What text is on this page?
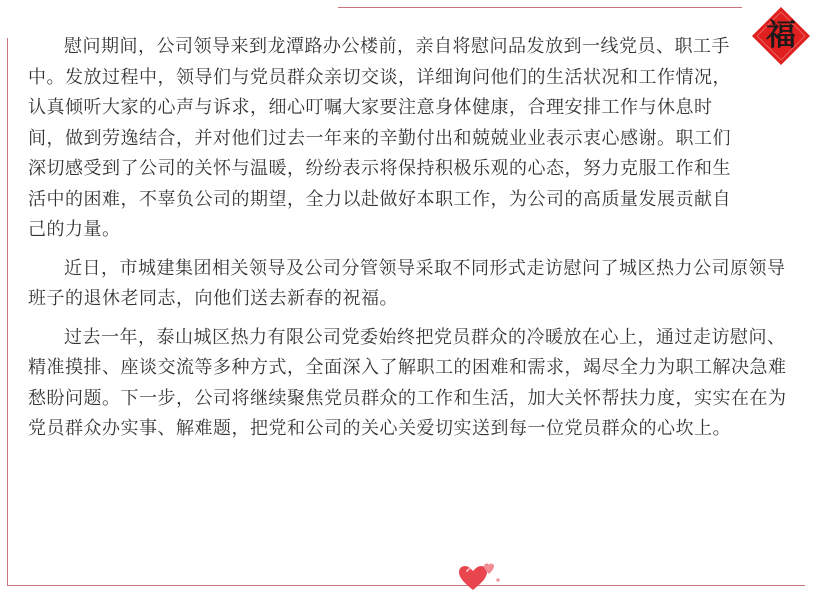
福

慰问期间，公司领导来到龙潭路办公楼前，亲自将慰问品发放到一线党员、职工手中。发放过程中，领导们与党员群众亲切交谈，详细询问他们的生活状况和工作情况，认真倾听大家的心声与诉求，细心叮嘱大家要注意身体健康，合理安排工作与休息时间，做到劳逸结合，并对他们过去一年来的辛勤付出和兢兢业业表示衷心感谢。职工们深切感受到了公司的关怀与温暖，纷纷表示将保持积极乐观的心态，努力克服工作和生活中的困难，不辜负公司的期望，全力以赴做好本职工作，为公司的高质量发展贡献自己的力量。

近日，市城建集团相关领导及公司分管领导采取不同形式走访慰问了城区热力公司原领导班子的退休老同志，向他们送去新春的祝福。

过去一年，泰山城区热力有限公司党委始终把党员群众的冷暖放在心上，通过走访慰问、精准摸排、座谈交流等多种方式，全面深入了解职工的困难和需求，竭尽全力为职工解决急难愁盼问题。下一步，公司将继续聚焦党员群众的工作和生活，加大关怀帮扶力度，实实在在为党员群众办实事、解难题，把党和公司的关心关爱切实送到每一位党员群众的心坎上。
